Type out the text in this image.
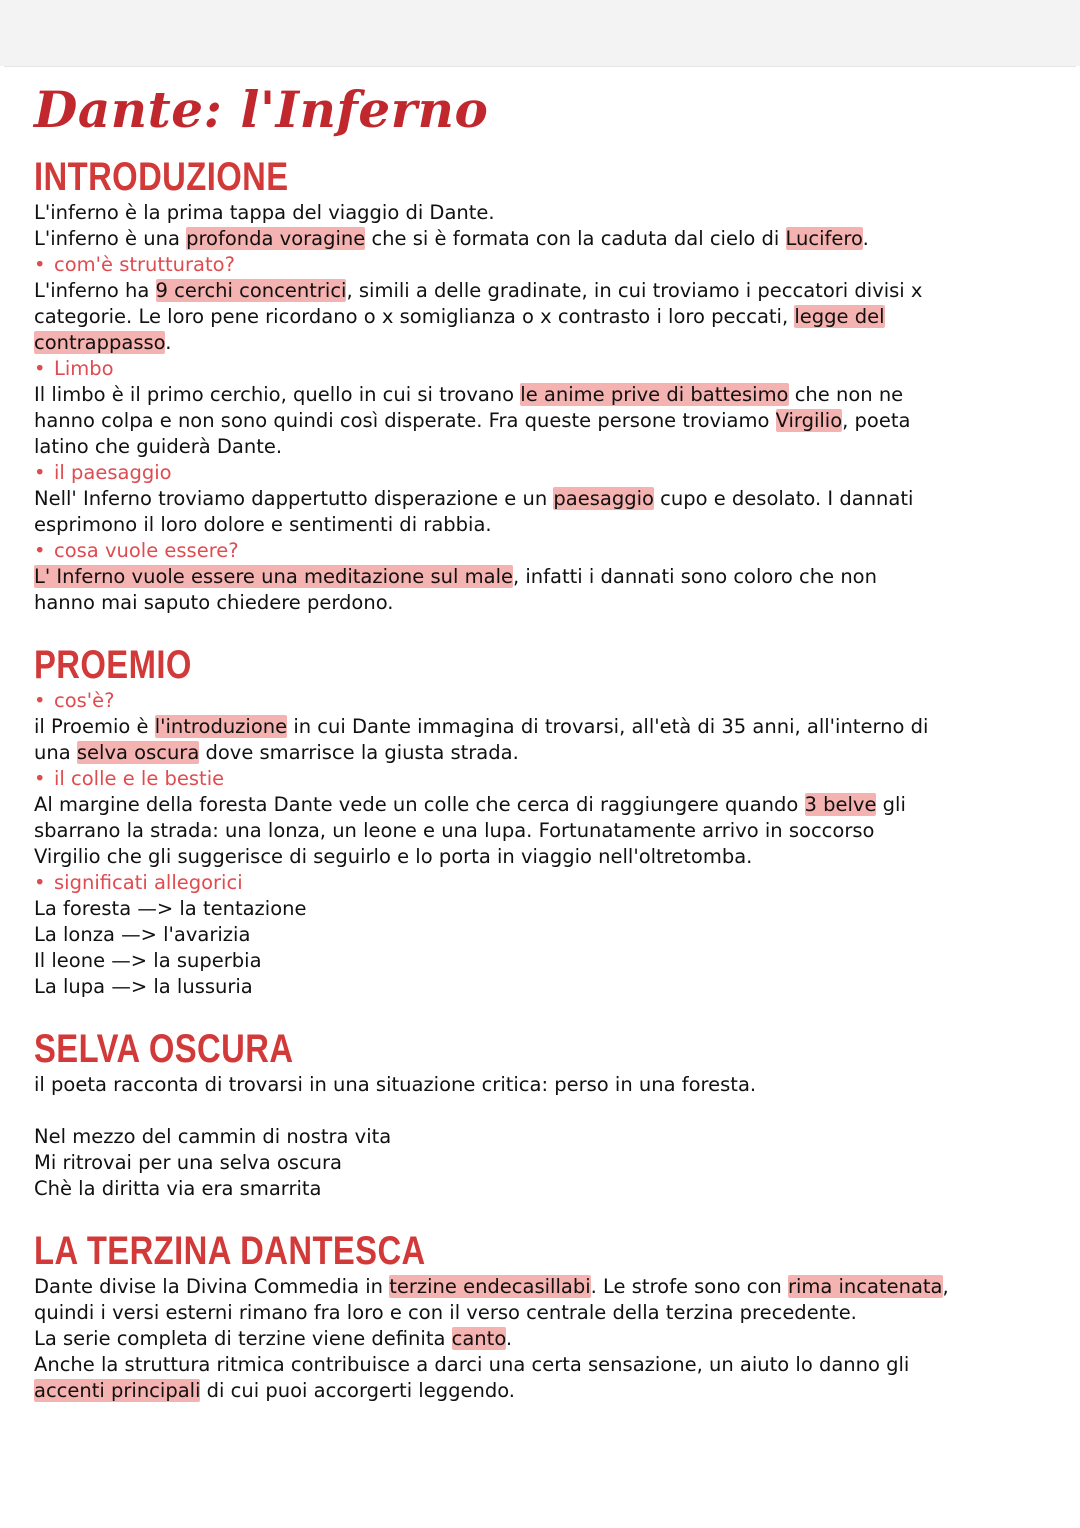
Dante: l'Inferno
INTRODUZIONE
L'inferno è la prima tappa del viaggio di Dante.
L'inferno è una profonda voragine che si è formata con la caduta dal cielo di Lucifero.
• com'è strutturato?
L'inferno ha 9 cerchi concentrici, simili a delle gradinate, in cui troviamo i peccatori divisi x
categorie. Le loro pene ricordano o x somiglianza o x contrasto i loro peccati, legge del
contrappasso.
• Limbo
Il limbo è il primo cerchio, quello in cui si trovano le anime prive di battesimo che non ne
hanno colpa e non sono quindi così disperate. Fra queste persone troviamo Virgilio, poeta
latino che guiderà Dante.
• il paesaggio
Nell' Inferno troviamo dappertutto disperazione e un paesaggio cupo e desolato. I dannati
esprimono il loro dolore e sentimenti di rabbia.
• cosa vuole essere?
L' Inferno vuole essere una meditazione sul male, infatti i dannati sono coloro che non
hanno mai saputo chiedere perdono.
PROEMIO
• cos'è?
il Proemio è l'introduzione in cui Dante immagina di trovarsi, all'età di 35 anni, all'interno di
una selva oscura dove smarrisce la giusta strada.
• il colle e le bestie
Al margine della foresta Dante vede un colle che cerca di raggiungere quando 3 belve gli
sbarrano la strada: una lonza, un leone e una lupa. Fortunatamente arrivo in soccorso
Virgilio che gli suggerisce di seguirlo e lo porta in viaggio nell'oltretomba.
• significati allegorici
La foresta —> la tentazione
La lonza —> l'avarizia
Il leone —> la superbia
La lupa —> la lussuria
SELVA OSCURA
il poeta racconta di trovarsi in una situazione critica: perso in una foresta.
Nel mezzo del cammin di nostra vita
Mi ritrovai per una selva oscura
Chè la diritta via era smarrita
LA TERZINA DANTESCA
Dante divise la Divina Commedia in terzine endecasillabi. Le strofe sono con rima incatenata,
quindi i versi esterni rimano fra loro e con il verso centrale della terzina precedente.
La serie completa di terzine viene definita canto.
Anche la struttura ritmica contribuisce a darci una certa sensazione, un aiuto lo danno gli
accenti principali di cui puoi accorgerti leggendo.
